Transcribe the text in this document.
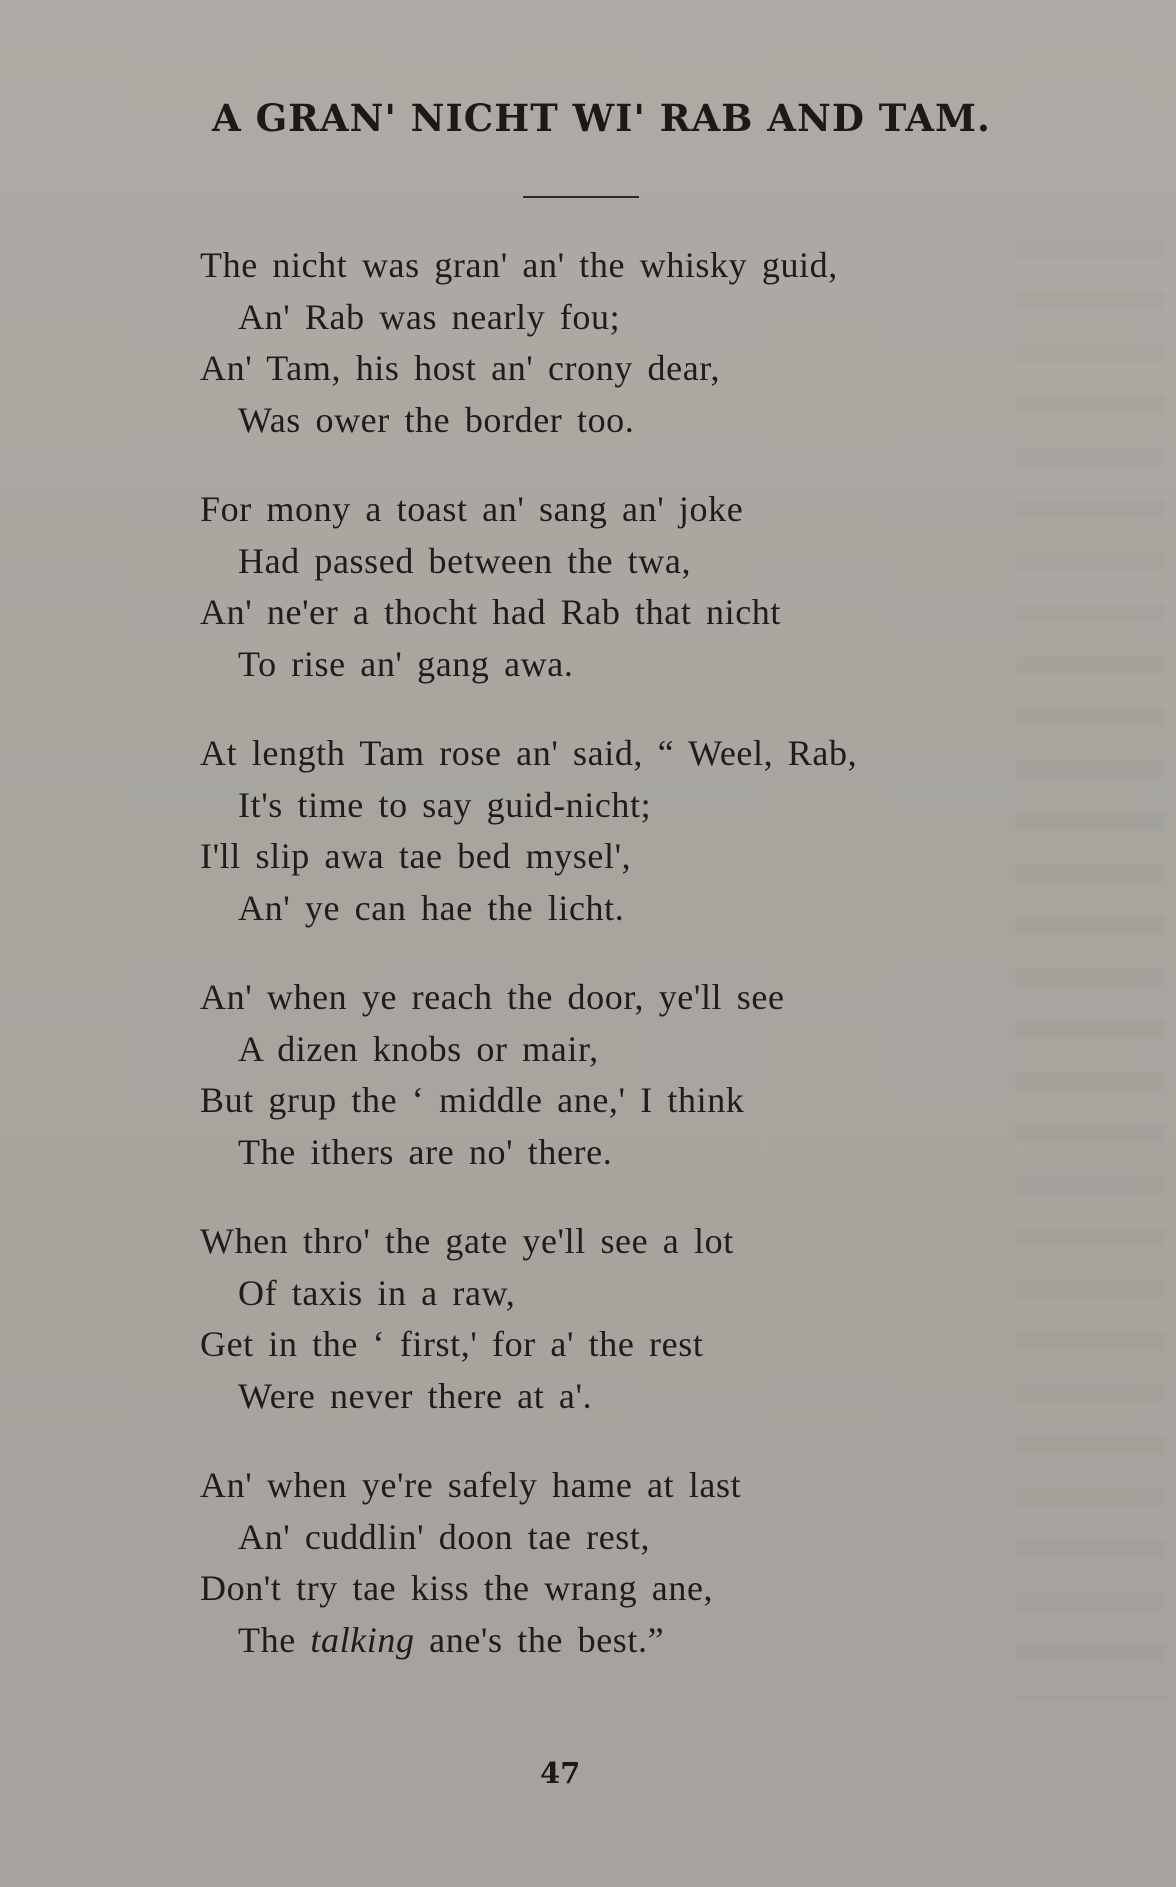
A GRAN' NICHT WI' RAB AND TAM.
The nicht was gran' an' the whisky guid,
An' Rab was nearly fou;
An' Tam, his host an' crony dear,
Was ower the border too.
For mony a toast an' sang an' joke
Had passed between the twa,
An' ne'er a thocht had Rab that nicht
To rise an' gang awa.
At length Tam rose an' said, “ Weel, Rab,
It's time to say guid-nicht;
I'll slip awa tae bed mysel',
An' ye can hae the licht.
An' when ye reach the door, ye'll see
A dizen knobs or mair,
But grup the ‘ middle ane,' I think
The ithers are no' there.
When thro' the gate ye'll see a lot
Of taxis in a raw,
Get in the ‘ first,' for a' the rest
Were never there at a'.
An' when ye're safely hame at last
An' cuddlin' doon tae rest,
Don't try tae kiss the wrang ane,
The talking ane's the best.”
47
